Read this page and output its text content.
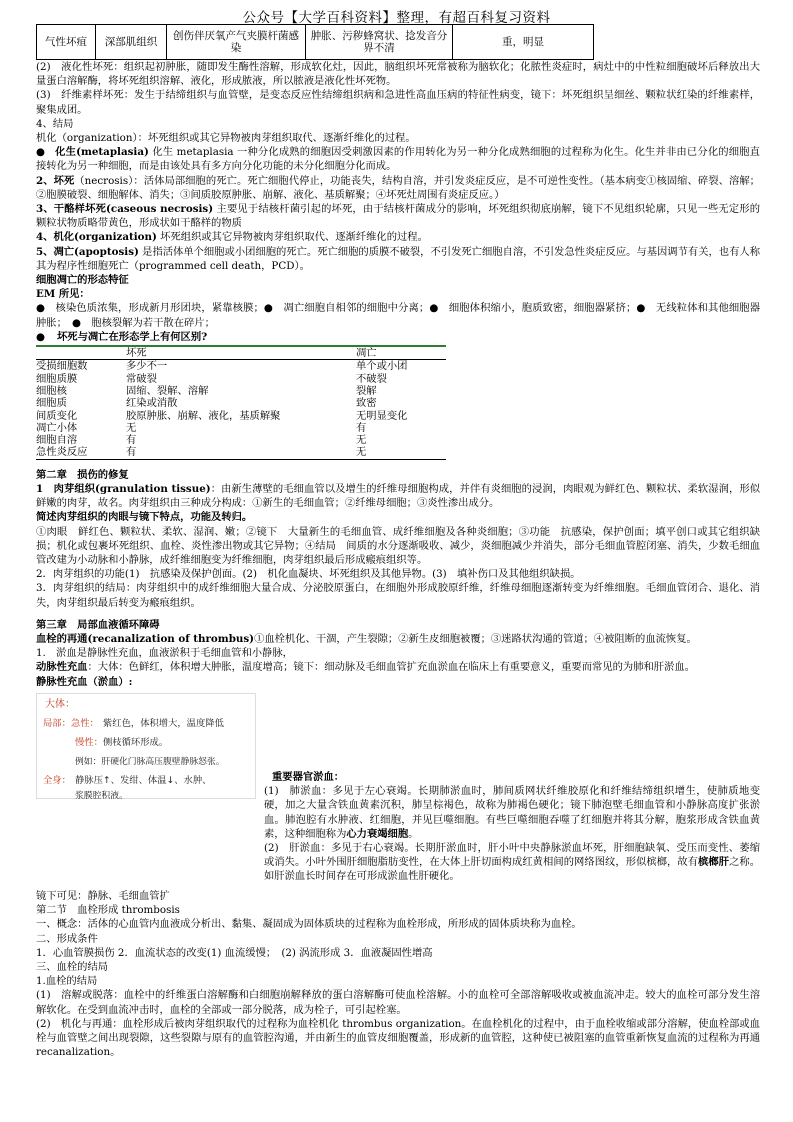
公众号【大学百科资料】整理，有超百科复习资料
气性坏疽	深部肌组织	创伤伴厌氧产气夹膜杆菌感染	肿胀、污秽蜂窝状、捻发音分界不清	重，明显

(2)　液化性坏死：组织起初肿胀，随即发生酶性溶解，形成软化灶，因此，脑组织坏死常被称为脑软化；化脓性炎症时，病灶中的中性粒细胞破坏后释放出大量蛋白溶解酶，将坏死组织溶解、液化，形成脓液，所以脓液是液化性坏死物。

(3)　纤维素样坏死：发生于结缔组织与血管壁，是变态反应性结缔组织病和急进性高血压病的特征性病变，镜下：坏死组织呈细丝、颗粒状红染的纤维素样，聚集成团。

4、结局

机化（organization）：坏死组织或其它异物被肉芽组织取代、逐渐纤维化的过程。

● 化生(metaplasia) 化生 metaplasia 一种分化成熟的细胞因受刺激因素的作用转化为另一种分化成熟细胞的过程称为化生。化生并非由已分化的细胞直接转化为另一种细胞，而是由该处具有多方向分化功能的未分化细胞分化而成。

2、坏死（necrosis）：活体局部细胞的死亡。死亡细胞代停止，功能丧失，结构自溶，并引发炎症反应，是不可逆性变性。（基本病变①核固缩、碎裂、溶解；②胞膜破裂、细胞解体、消失；③间质胶原肿胀、崩解、液化、基质解聚；④坏死灶周围有炎症反应。）

3、干酪样坏死(caseous necrosis) 主要见于结核杆菌引起的坏死，由于结核杆菌成分的影响，坏死组织彻底崩解，镜下不见组织轮廓，只见一些无定形的颗粒状物质略带黄色，形成状如干酪样的物质

4、机化(organization) 坏死组织或其它异物被肉芽组织取代、逐渐纤维化的过程。

5、凋亡(apoptosis) 是指活体单个细胞或小团细胞的死亡。死亡细胞的质膜不破裂，不引发死亡细胞自溶，不引发急性炎症反应。与基因调节有关，也有人称其为程序性细胞死亡（programmed cell death，PCD）。

细胞凋亡的形态特征

EM 所见：

●　核染色质浓集，形成新月形团块，紧靠核膜；●　凋亡细胞自相邻的细胞中分离；●　细胞体积缩小，胞质致密，细胞器紧挤；●　无线粒体和其他细胞器肿胀；　●　胞核裂解为若干散在碎片；

● 坏死与凋亡在形态学上有何区别?

	坏死	凋亡
受损细胞数	多少不一	单个或小团
细胞质膜	常破裂	不破裂
细胞核	固缩、裂解、溶解	裂解
细胞质	红染或消散	致密
间质变化	胶原肿胀、崩解、液化，基质解聚	无明显变化
凋亡小体	无	有
细胞自溶	有	无
急性炎反应	有	无

第二章　损伤的修复

1　肉芽组织(granulation tissue)：由新生薄壁的毛细血管以及增生的纤维母细胞构成，并伴有炎细胞的浸润，肉眼观为鲜红色、颗粒状、柔软湿润，形似鲜嫩的肉芽，故名。肉芽组织由三种成分构成：①新生的毛细血管；②纤维母细胞；③炎性渗出成分。

简述肉芽组织的肉眼与镜下特点，功能及转归。

①肉眼　鲜红色、颗粒状、柔软、湿润、嫩；②镜下　大量新生的毛细血管、成纤维细胞及各种炎细胞；③功能　抗感染，保护创面；填平创口或其它组织缺损；机化或包裹坏死组织、血栓、炎性渗出物或其它异物；④结局　间质的水分逐渐吸收、减少，炎细胞减少并消失，部分毛细血管腔闭塞、消失，少数毛细血管改建为小动脉和小静脉，成纤维细胞变为纤维细胞，肉芽组织最后形成瘢痕组织等。

2．肉芽组织的功能(1)　抗感染及保护创面。(2)　机化血凝块、坏死组织及其他异物。(3)　填补伤口及其他组织缺损。

3．肉芽组织的结局：肉芽组织中的成纤维细胞大量合成、分泌胶原蛋白，在细胞外形成胶原纤维，纤维母细胞逐渐转变为纤维细胞。毛细血管闭合、退化、消失，肉芽组织最后转变为瘢痕组织。

第三章　局部血液循环障碍

血栓的再通(recanalization of thrombus)①血栓机化、干涸，产生裂隙；②新生皮细胞被覆；③迷路状沟通的管道；④被阻断的血流恢复。

1.　淤血是静脉性充血，血液淤积于毛细血管和小静脉，

动脉性充血：大体：色鲜红，体积增大肿胀，温度增高；镜下：细动脉及毛细血管扩充血淤血在临床上有重要意义，重要而常见的为肺和肝淤血。

静脉性充血（淤血）:

大体：
局部：急性： 紫红色，体积增大，温度降低
慢性： 侧枝循环形成。
例如：肝硬化门脉高压腹壁静脉怒张。
全身： 静脉压↑、发绀、体温↓、水肿、
浆膜腔积液。

重要器官淤血：

(1)　肺淤血：多见于左心衰竭。长期肺淤血时，肺间质网状纤维胶原化和纤维结缔组织增生，使肺质地变硬，加之大量含铁血黄素沉积，肺呈棕褐色，故称为肺褐色硬化；镜下肺泡壁毛细血管和小静脉高度扩张淤血。肺泡腔有水肿液、红细胞，并见巨噬细胞。有些巨噬细胞吞噬了红细胞并将其分解，胞浆形成含铁血黄素，这种细胞称为心力衰竭细胞。

(2)　肝淤血：多见于右心衰竭。长期肝淤血时，肝小叶中央静脉淤血坏死，肝细胞缺氧、受压而变性、萎缩或消失。小叶外围肝细胞脂肪变性，在大体上肝切面构成红黄相间的网络图纹，形似槟榔，故有槟榔肝之称。如肝淤血长时间存在可形成淤血性肝硬化。

镜下可见：静脉、毛细血管扩

第二节　血栓形成 thrombosis

一、概念：活体的心血管内血液成分析出、黏集、凝固成为固体质块的过程称为血栓形成，所形成的固体质块称为血栓。

二、形成条件

1．心血管膜损伤 2．血流状态的改变(1) 血流缓慢；　(2) 涡流形成 3．血液凝固性增高

三、血栓的结局

1.血栓的结局

(1)　溶解或脱落：血栓中的纤维蛋白溶解酶和白细胞崩解释放的蛋白溶解酶可使血栓溶解。小的血栓可全部溶解吸收或被血流冲走。较大的血栓可部分发生溶解软化。在受到血流冲击时，血栓的全部或一部分脱落，成为栓子，可引起栓塞。

(2)　机化与再通：血栓形成后被肉芽组织取代的过程称为血栓机化 thrombus organization。在血栓机化的过程中，由于血栓收缩或部分溶解，使血栓部或血栓与血管壁之间出现裂隙，这些裂隙与原有的血管腔沟通，并由新生的血管皮细胞覆盖，形成新的血管腔，这种使已被阻塞的血管重新恢复血流的过程称为再通 recanalization。
